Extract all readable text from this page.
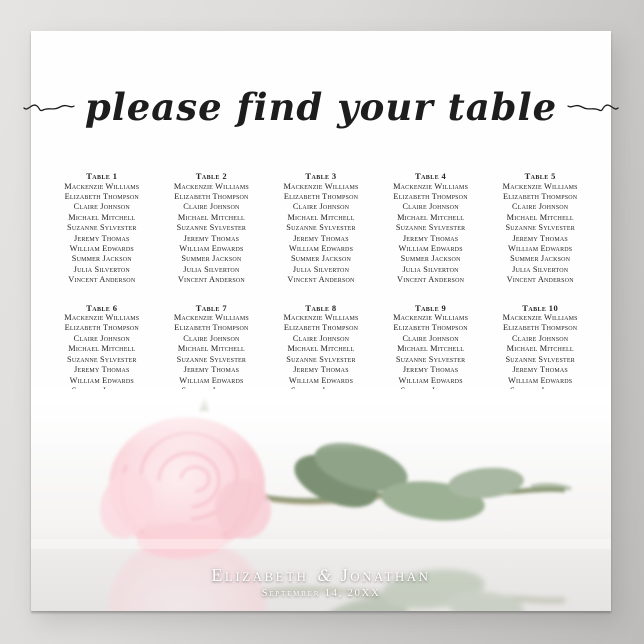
please find your table
Table 1
Mackenzie Williams
Elizabeth Thompson
Claire Johnson
Michael Mitchell
Suzanne Sylvester
Jeremy Thomas
William Edwards
Summer Jackson
Julia Silverton
Vincent Anderson
Table 2
Mackenzie Williams
Elizabeth Thompson
Claire Johnson
Michael Mitchell
Suzanne Sylvester
Jeremy Thomas
William Edwards
Summer Jackson
Julia Silverton
Vincent Anderson
Table 3
Mackenzie Williams
Elizabeth Thompson
Claire Johnson
Michael Mitchell
Suzanne Sylvester
Jeremy Thomas
William Edwards
Summer Jackson
Julia Silverton
Vincent Anderson
Table 4
Mackenzie Williams
Elizabeth Thompson
Claire Johnson
Michael Mitchell
Suzanne Sylvester
Jeremy Thomas
William Edwards
Summer Jackson
Julia Silverton
Vincent Anderson
Table 5
Mackenzie Williams
Elizabeth Thompson
Claire Johnson
Michael Mitchell
Suzanne Sylvester
Jeremy Thomas
William Edwards
Summer Jackson
Julia Silverton
Vincent Anderson
Table 6
Mackenzie Williams
Elizabeth Thompson
Claire Johnson
Michael Mitchell
Suzanne Sylvester
Jeremy Thomas
William Edwards
Table 7
Mackenzie Williams
Elizabeth Thompson
Claire Johnson
Michael Mitchell
Suzanne Sylvester
Jeremy Thomas
William Edwards
Table 8
Mackenzie Williams
Elizabeth Thompson
Claire Johnson
Michael Mitchell
Suzanne Sylvester
Jeremy Thomas
William Edwards
Table 9
Mackenzie Williams
Elizabeth Thompson
Claire Johnson
Michael Mitchell
Suzanne Sylvester
Jeremy Thomas
William Edwards
Table 10
Mackenzie Williams
Elizabeth Thompson
Claire Johnson
Michael Mitchell
Suzanne Sylvester
Jeremy Thomas
William Edwards
Elizabeth & Jonathan
September 14, 20XX
